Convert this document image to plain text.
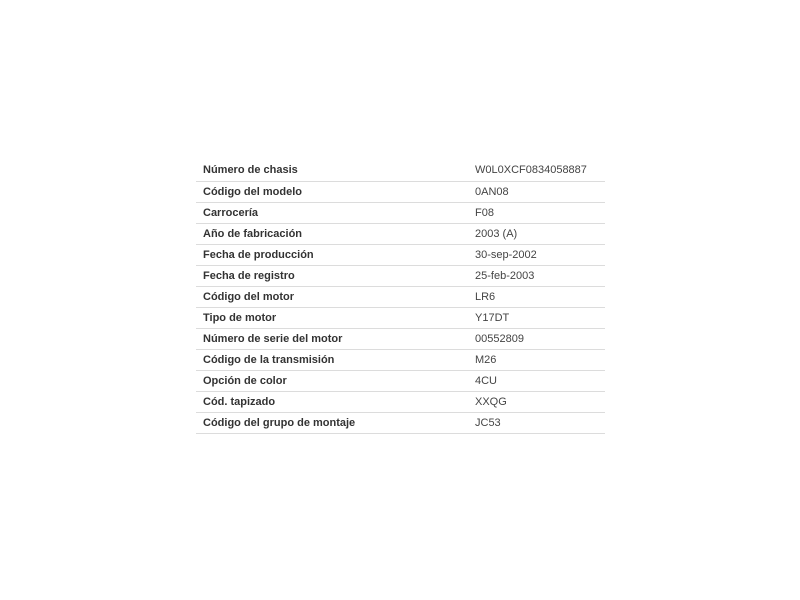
Número de chasis	W0L0XCF0834058887
Código del modelo	0AN08
Carrocería	F08
Año de fabricación	2003 (A)
Fecha de producción	30-sep-2002
Fecha de registro	25-feb-2003
Código del motor	LR6
Tipo de motor	Y17DT
Número de serie del motor	00552809
Código de la transmisión	M26
Opción de color	4CU
Cód. tapizado	XXQG
Código del grupo de montaje	JC53
